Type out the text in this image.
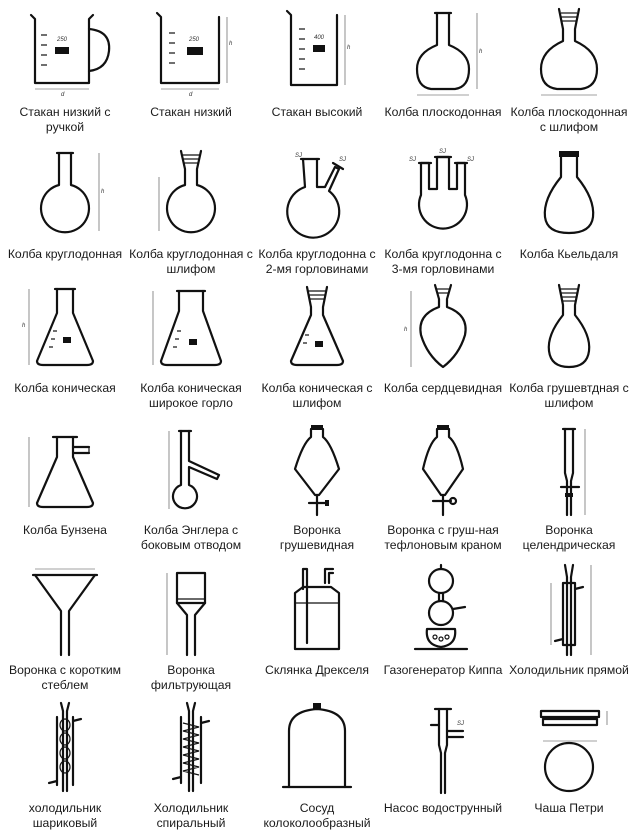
250
d
Стакан низкий с ручкой
250
h
d
Стакан низкий
400
h
Стакан высокий
h
Колба плоскодонная Колба плоскодонная с шлифом
h
Колба круглодонная Колба круглодонная с шлифом
SJ
SJ
Колба круглодонна с 2-мя горловинами
SJ
SJ
SJ
Колба круглодонна с 3-мя горловинами
Колба Кьельдаля
h
Колба коническая	Колба коническая широкое горло
Колба коническая с шлифом
h
Колба сердцевидная Колба грушевтдная с шлифом
Колба Бунзена	Колба Энглера с боковым отводом
Воронка грушевидная
Воронка с груш-ная тефлоновым краном
Воронка целендрическая
Воронка с коротким стеблем
Воронка фильтрующая
Склянка Дрекселя	Газогенератор Киппа Холодильник прямой
холодильник шариковый
Холодильник спиральный
Сосуд колоколообразный
SJ
Насос водострунный	Чаша Петри
